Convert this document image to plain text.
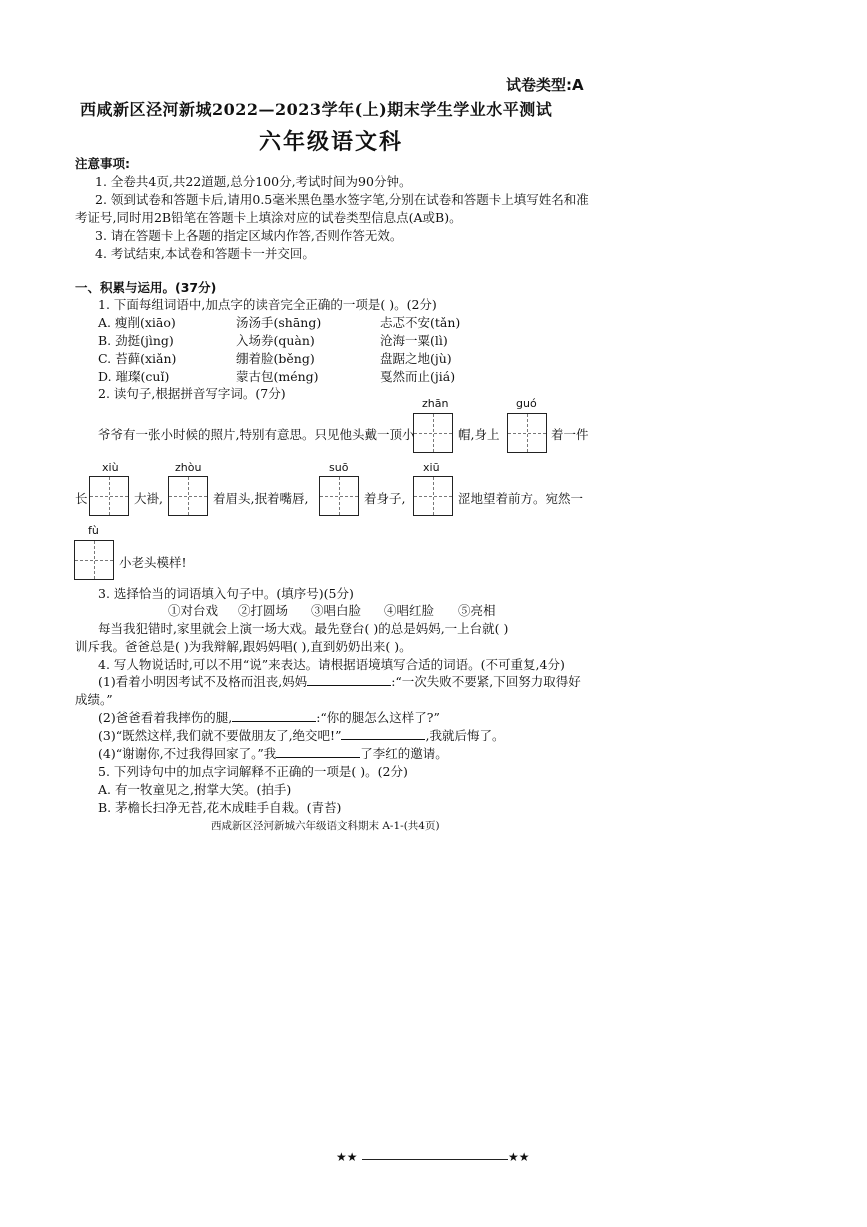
试卷类型:A
西咸新区泾河新城2022—2023学年(上)期末学生学业水平测试
六年级语文科
注意事项:
1. 全卷共4页,共22道题,总分100分,考试时间为90分钟。
2. 领到试卷和答题卡后,请用0.5毫米黑色墨水签字笔,分别在试卷和答题卡上填写姓名和准
考证号,同时用2B铅笔在答题卡上填涂对应的试卷类型信息点(A或B)。
3. 请在答题卡上各题的指定区域内作答,否则作答无效。
4. 考试结束,本试卷和答题卡一并交回。
一、积累与运用。(37分)
1. 下面每组词语中,加点字的读音完全正确的一项是( )。(2分)
A. 瘦削(xiāo)	汤汤手(shāng)	忐忑不安(tǎn)
B. 劲挺(jìng)	入场券(quàn)	沧海一粟(lì)
C. 苔藓(xiǎn)	绷着脸(běng)	盘踞之地(jù)
D. 璀璨(cuǐ)	蒙古包(méng)	戛然而止(jiá)
2. 读句子,根据拼音写字词。(7分)
zhān	guó
爷爷有一张小时候的照片,特别有意思。只见他头戴一顶小	帽,身上	着一件
xiù	zhòu	suō	xiū
长	大褂,	着眉头,抿着嘴唇,	着身子,	涩地望着前方。宛然一
fù
小老头模样!
3. 选择恰当的词语填入句子中。(填序号)(5分)
①对台戏 ②打圆场 ③唱白脸 ④唱红脸 ⑤亮相
每当我犯错时,家里就会上演一场大戏。最先登台( )的总是妈妈,一上台就( )
训斥我。爸爸总是( )为我辩解,跟妈妈唱( ),直到奶奶出来( )。
4. 写人物说话时,可以不用“说”来表达。请根据语境填写合适的词语。(不可重复,4分)
(1)看着小明因考试不及格而沮丧,妈妈	:“一次失败不要紧,下回努力取得好
成绩。”
(2)爸爸看着我摔伤的腿,	:“你的腿怎么这样了?”
(3)“既然这样,我们就不要做朋友了,绝交吧!”	,我就后悔了。
(4)“谢谢你,不过我得回家了。”我	了李红的邀请。
5. 下列诗句中的加点字词解释不正确的一项是( )。(2分)
A. 有一牧童见之,拊掌大笑。(拍手)
B. 茅檐长扫净无苔,花木成畦手自栽。(青苔)
西咸新区泾河新城六年级语文科期末 A-1-(共4页)
★★	★★
